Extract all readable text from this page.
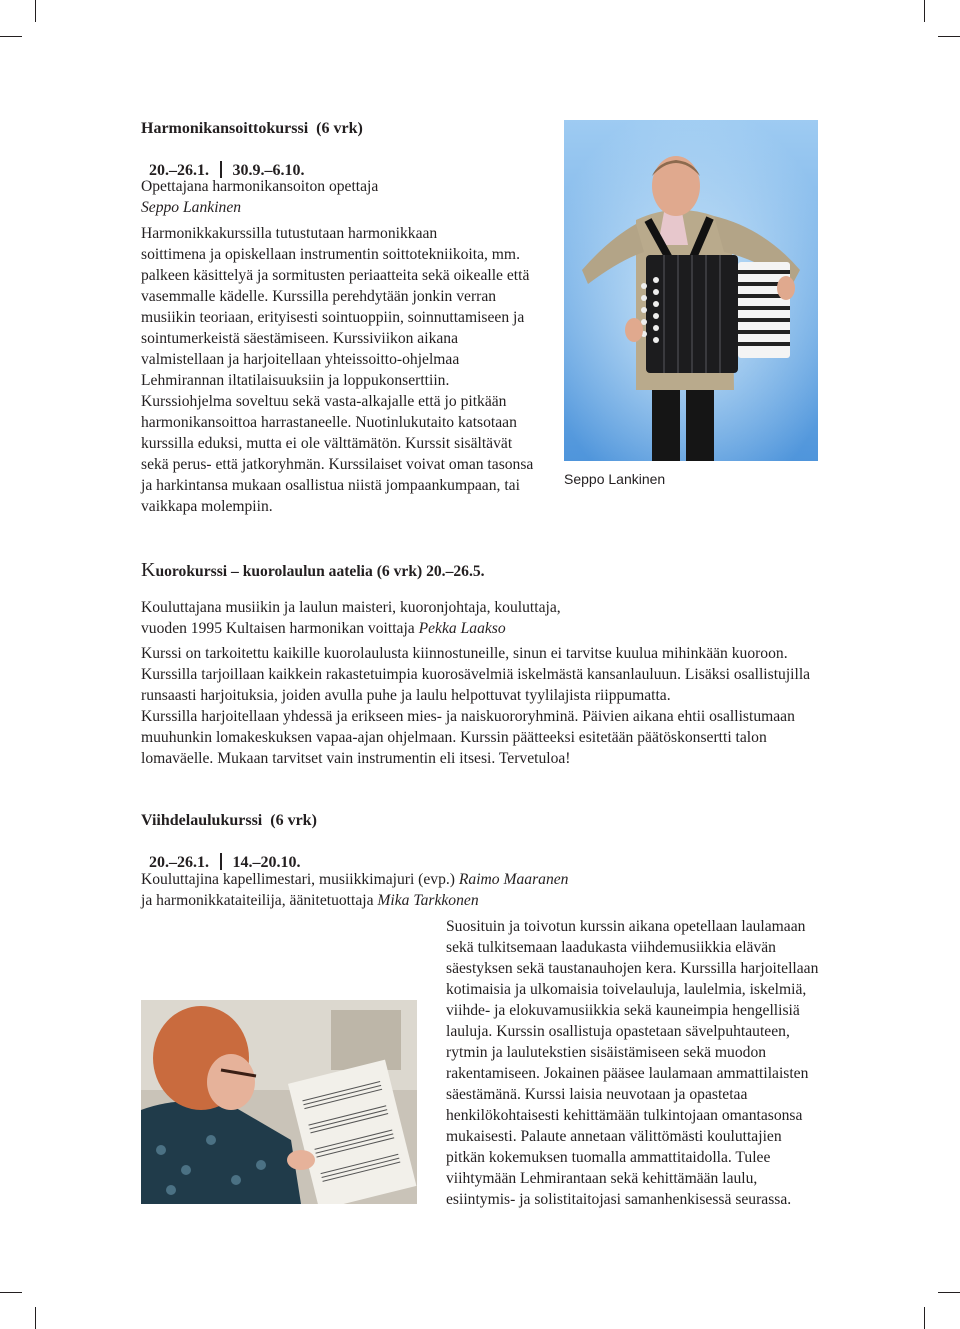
Harmonikansoittokurssi  (6 vrk)

20.–26.1. 30.9.–6.10.

Opettajana harmonikansoiton opettaja
Seppo Lankinen
Harmonikkakurssilla tutustutaan harmonikkaan
soittimena ja opiskellaan instrumentin soittotekniikoita, mm. palkeen käsittelyä ja sormitusten periaatteita sekä oikealle että vasemmalle kädelle. Kurssilla perehdytään jonkin verran musiikin teoriaan, erityisesti sointuoppiin, soinnuttamiseen ja sointumerkeistä säestämiseen. Kurssiviikon aikana valmistellaan ja harjoitellaan yhteissoitto-ohjelmaa Lehmirannan iltatilaisuuksiin ja loppukonserttiin. Kurssiohjelma soveltuu sekä vasta-alkajalle että jo pitkään harmonikansoittoa harrastaneelle. Nuotinlukutaito katsotaan kurssilla eduksi, mutta ei ole välttämätön. Kurssit sisältävät sekä perus- että jatkoryhmän. Kurssilaiset voivat oman tasonsa ja harkintansa mukaan osallistua niistä jompaankumpaan, tai vaikkapa molempiin.
Seppo Lankinen
Kuorokurssi – kuorolaulun aatelia (6 vrk) 20.–26.5.
Kouluttajana musiikin ja laulun maisteri, kuoronjohtaja, kouluttaja,
vuoden 1995 Kultaisen harmonikan voittaja Pekka Laakso
Kurssi on tarkoitettu kaikille kuorolaulusta kiinnostuneille, sinun ei tarvitse kuulua mihinkään kuoroon. Kurssilla tarjoillaan kaikkein rakastetuimpia kuorosävelmiä iskelmästä kansanlauluun. Lisäksi osallistujilla runsaasti harjoituksia, joiden avulla puhe ja laulu helpottuvat tyylilajista riippumatta.
Kurssilla harjoitellaan yhdessä ja erikseen mies- ja naiskuororyhminä. Päivien aikana ehtii osallistumaan muuhunkin lomakeskuksen vapaa-ajan ohjelmaan. Kurssin päätteeksi esitetään päätöskonsertti talon lomaväelle. Mukaan tarvitset vain instrumentin eli itsesi. Tervetuloa!
Viihdelaulukurssi  (6 vrk)

20.–26.1. 14.–20.10.

Kouluttajina kapellimestari, musiikkimajuri (evp.) Raimo Maaranen
ja harmonikkataiteilija, äänitetuottaja Mika Tarkkonen
Suosituin ja toivotun kurssin aikana opetellaan laulamaan sekä tulkitsemaan laadukasta viihdemusiikkia elävän säestyksen sekä taustanauhojen kera. Kurssilla harjoitellaan kotimaisia ja ulkomaisia toivelauluja, laulelmia, iskelmiä, viihde- ja elokuvamusiikkia sekä kauneimpia hengellisiä lauluja. Kurssin osallistuja opastetaan sävelpuhtauteen, rytmin ja laulutekstien sisäistämiseen sekä muodon rakentamiseen. Jokainen pääsee laulamaan ammattilaisten säestämänä. Kurssi laisia neuvotaan ja opastetaa henkilökohtaisesti kehittämään tulkintojaan omantasonsa mukaisesti. Palaute annetaan välittömästi kouluttajien pitkän kokemuksen tuomalla ammattitaidolla. Tulee viihtymään Lehmirantaan sekä kehittämään laulu, esiintymis- ja solistitaitojasi samanhenkisessä seurassa.
